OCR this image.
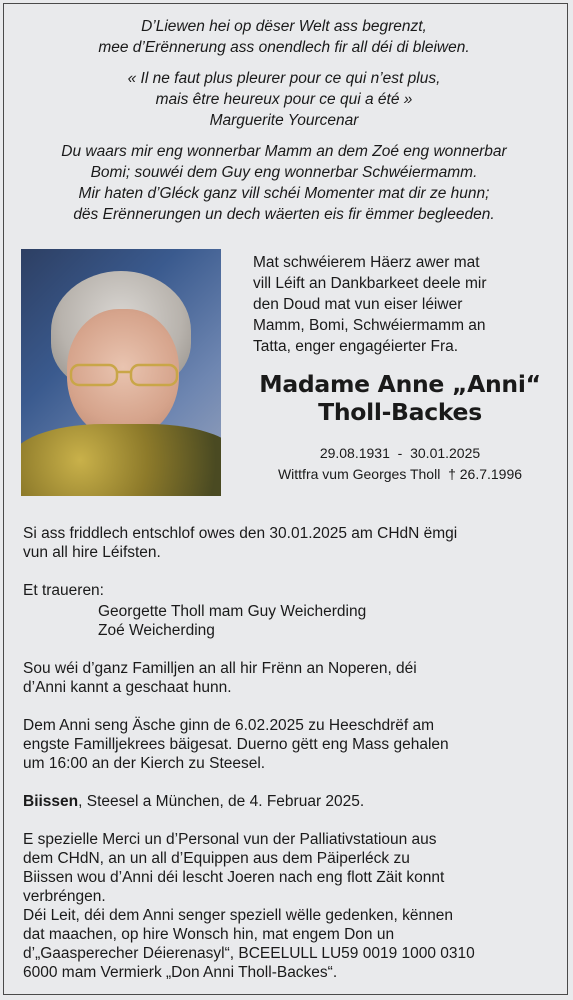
D’Liewen hei op dëser Welt ass begrenzt,
mee d’Erënnerung ass onendlech fir all déi di bleiwen.
« Il ne faut plus pleurer pour ce qui n’est plus,
mais être heureux pour ce qui a été »
Marguerite Yourcenar
Du waars mir eng wonnerbar Mamm an dem Zoé eng wonnerbar
Bomi; souwéi dem Guy eng wonnerbar Schwéiermamm.
Mir haten d’Gléck ganz vill schéi Momenter mat dir ze hunn;
dës Erënnerungen un dech wäerten eis fir ëmmer begleeden.
Mat schwéierem Häerz awer mat
vill Léift an Dankbarkeet deele mir
den Doud mat vun eiser léiwer
Mamm, Bomi, Schwéiermamm an
Tatta, enger engagéierter Fra.
Madame Anne „Anni“
Tholl-Backes
29.08.1931  -  30.01.2025
Wittfra vum Georges Tholl  † 26.7.1996
Si ass friddlech entschlof owes den 30.01.2025 am CHdN ëmgi
vun all hire Léifsten.
Et traueren:
Georgette Tholl mam Guy Weicherding
Zoé Weicherding
Sou wéi d’ganz Familljen an all hir Frënn an Noperen, déi
d’Anni kannt a geschaat hunn.
Dem Anni seng Äsche ginn de 6.02.2025 zu Heeschdrëf am
engste Familljekrees bäigesat. Duerno gëtt eng Mass gehalen
um 16:00 an der Kierch zu Steesel.
Biissen, Steesel a München, de 4. Februar 2025.
E spezielle Merci un d’Personal vun der Palliativstatioun aus
dem CHdN, an un all d’Equippen aus dem Päiperléck zu
Biissen wou d’Anni déi lescht Joeren nach eng flott Zäit konnt
verbréngen.
Déi Leit, déi dem Anni senger speziell wëlle gedenken, kënnen
dat maachen, op hire Wonsch hin, mat engem Don un
d’„Gaasperecher Déierenasyl“, BCEELULL LU59 0019 1000 0310
6000 mam Vermierk „Don Anni Tholl-Backes“.
